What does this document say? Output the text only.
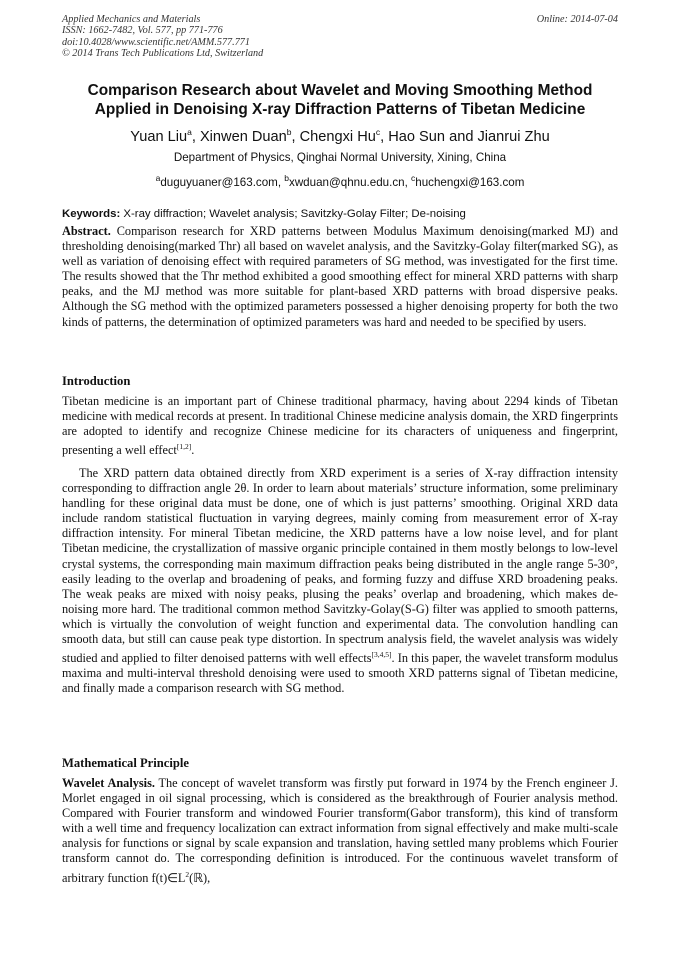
Applied Mechanics and Materials
ISSN: 1662-7482, Vol. 577, pp 771-776
doi:10.4028/www.scientific.net/AMM.577.771
© 2014 Trans Tech Publications Ltd, Switzerland
Online: 2014-07-04
Comparison Research about Wavelet and Moving Smoothing Method
Applied in Denoising X-ray Diffraction Patterns of Tibetan Medicine
Yuan Liu$^a$, Xinwen Duan$^b$, Chengxi Hu$^c$, Hao Sun and Jianrui Zhu
Department of Physics, Qinghai Normal University, Xining, China
$^a$duguyuaner@163.com, $^b$xwduan@qhnu.edu.cn, $^c$huchengxi@163.com
Keywords: X-ray diffraction; Wavelet analysis; Savitzky-Golay Filter; De-noising
Abstract. Comparison research for XRD patterns between Modulus Maximum denoising(marked MJ) and thresholding denoising(marked Thr) all based on wavelet analysis, and the Savitzky-Golay filter(marked SG), as well as variation of denoising effect with required parameters of SG method, was investigated for the first time. The results showed that the Thr method exhibited a good smoothing effect for mineral XRD patterns with sharp peaks, and the MJ method was more suitable for plant-based XRD patterns with broad dispersive peaks. Although the SG method with the optimized parameters possessed a higher denoising property for both the two kinds of patterns, the determination of optimized parameters was hard and needed to be specified by users.
Introduction
Tibetan medicine is an important part of Chinese traditional pharmacy, having about 2294 kinds of Tibetan medicine with medical records at present. In traditional Chinese medicine analysis domain, the XRD fingerprints are adopted to identify and recognize Chinese medicine for its characters of uniqueness and fingerprint, presenting a well effect[1,2].
The XRD pattern data obtained directly from XRD experiment is a series of X-ray diffraction intensity corresponding to diffraction angle 2θ. In order to learn about materials’ structure information, some preliminary handling for these original data must be done, one of which is just patterns’ smoothing. Original XRD data include random statistical fluctuation in varying degrees, mainly coming from measurement error of X-ray diffraction intensity. For mineral Tibetan medicine, the XRD patterns have a low noise level, and for plant Tibetan medicine, the crystallization of massive organic principle contained in them mostly belongs to low-level crystal systems, the corresponding main maximum diffraction peaks being distributed in the angle range 5-30°, easily leading to the overlap and broadening of peaks, and forming fuzzy and diffuse XRD broadening peaks. The weak peaks are mixed with noisy peaks, plusing the peaks’ overlap and broadening, which makes de-noising more hard. The traditional common method Savitzky-Golay(S-G) filter was applied to smooth patterns, which is virtually the convolution of weight function and experimental data. The convolution handling can smooth data, but still can cause peak type distortion. In spectrum analysis field, the wavelet analysis was widely studied and applied to filter denoised patterns with well effects[3,4,5]. In this paper, the wavelet transform modulus maxima and multi-interval threshold denoising were used to smooth XRD patterns signal of Tibetan medicine, and finally made a comparison research with SG method.
Mathematical Principle
Wavelet Analysis. The concept of wavelet transform was firstly put forward in 1974 by the French engineer J. Morlet engaged in oil signal processing, which is considered as the breakthrough of Fourier analysis method. Compared with Fourier transform and windowed Fourier transform(Gabor transform), this kind of transform with a well time and frequency localization can extract information from signal effectively and make multi-scale analysis for functions or signal by scale expansion and translation, having settled many problems which Fourier transform cannot do. The corresponding definition is introduced. For the continuous wavelet transform of arbitrary function $f(t)\in L^2(ℝ)$,
